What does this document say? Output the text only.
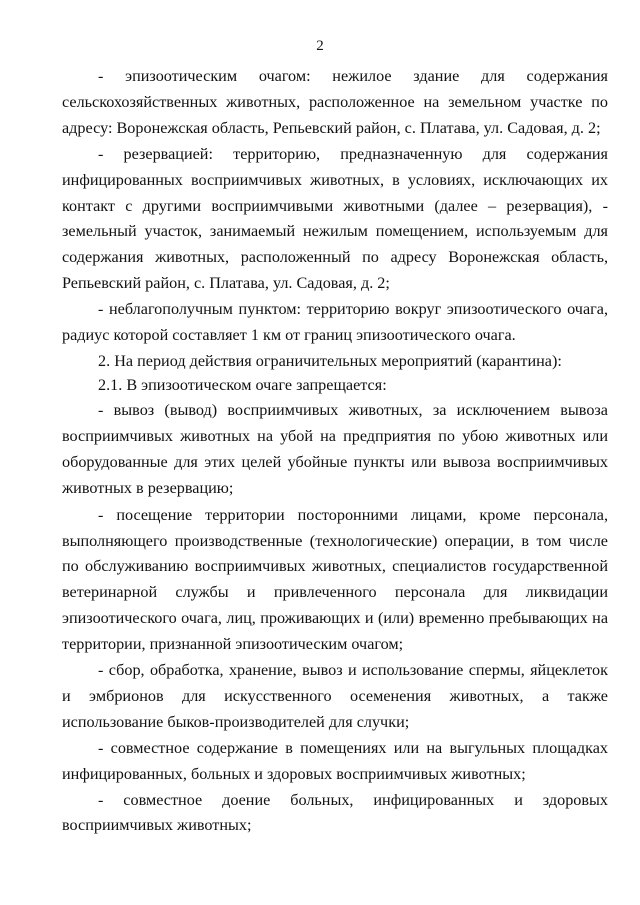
2

- эпизоотическим очагом: нежилое здание для содержания сельскохозяйственных животных, расположенное на земельном участке по адресу: Воронежская область, Репьевский район, с. Платава, ул. Садовая, д. 2;

- резервацией: территорию, предназначенную для содержания инфицированных восприимчивых животных, в условиях, исключающих их контакт с другими восприимчивыми животными (далее – резервация), - земельный участок, занимаемый нежилым помещением, используемым для содержания животных, расположенный по адресу Воронежская область, Репьевский район, с. Платава, ул. Садовая, д. 2;

- неблагополучным пунктом: территорию вокруг эпизоотического очага, радиус которой составляет 1 км от границ эпизоотического очага.

2. На период действия ограничительных мероприятий (карантина):

2.1. В эпизоотическом очаге запрещается:

- вывоз (вывод) восприимчивых животных, за исключением вывоза восприимчивых животных на убой на предприятия по убою животных или оборудованные для этих целей убойные пункты или вывоза восприимчивых животных в резервацию;

- посещение территории посторонними лицами, кроме персонала, выполняющего производственные (технологические) операции, в том числе по обслуживанию восприимчивых животных, специалистов государственной ветеринарной службы и привлеченного персонала для ликвидации эпизоотического очага, лиц, проживающих и (или) временно пребывающих на территории, признанной эпизоотическим очагом;

- сбор, обработка, хранение, вывоз и использование спермы, яйцеклеток и эмбрионов для искусственного осеменения животных, а также использование быков-производителей для случки;

- совместное содержание в помещениях или на выгульных площадках инфицированных, больных и здоровых восприимчивых животных;

- совместное доение больных, инфицированных и здоровых восприимчивых животных;
